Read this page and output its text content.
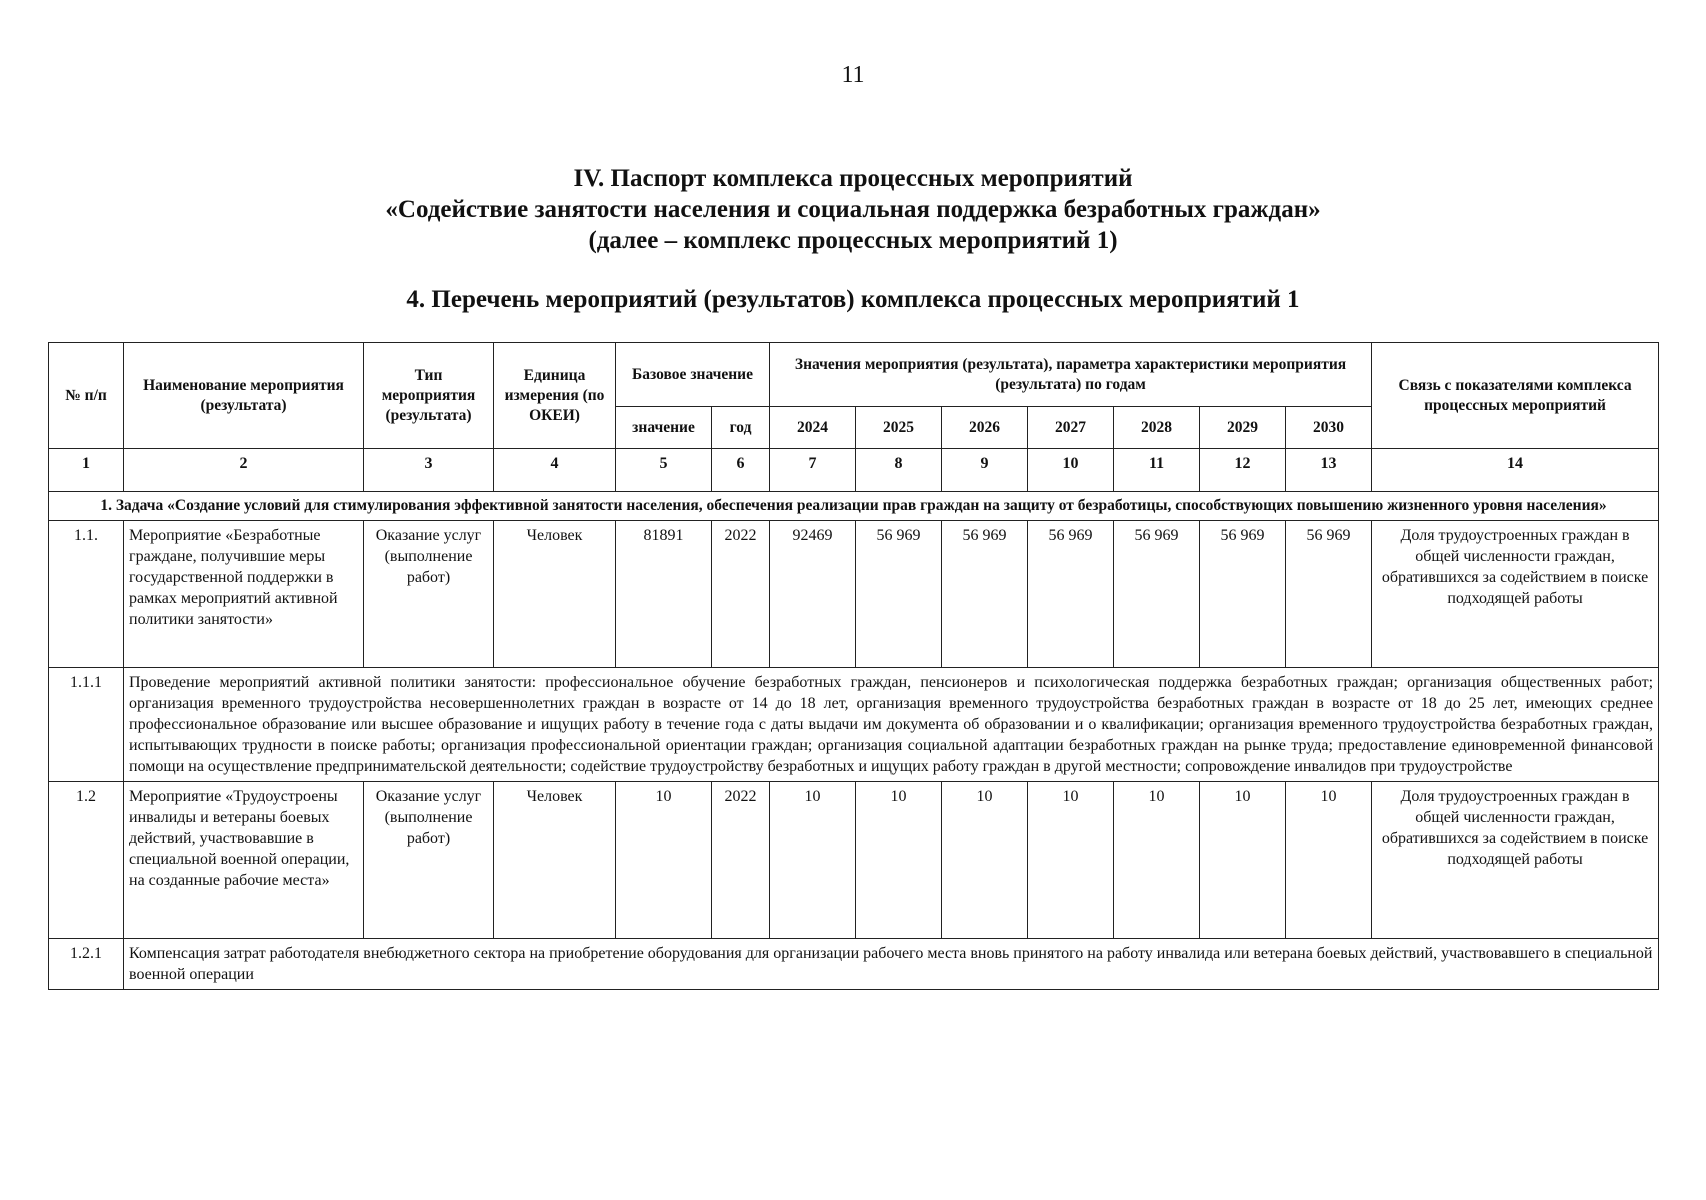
11
IV. Паспорт комплекса процессных мероприятий
«Содействие занятости населения и социальная поддержка безработных граждан»
(далее – комплекс процессных мероприятий 1)
4. Перечень мероприятий (результатов) комплекса процессных мероприятий 1
№ п/п	Наименование мероприятия (результата)	Тип мероприятия (результата)	Единица измерения (по ОКЕИ)	Базовое значение		Значения мероприятия (результата), параметра характеристики мероприятия (результата) по годам							Связь с показателями комплекса процессных мероприятий
				значение	год	2024	2025	2026	2027	2028	2029	2030	
1	2	3	4	5	6	7	8	9	10	11	12	13	14
1. Задача «Создание условий для стимулирования эффективной занятости населения, обеспечения реализации прав граждан на защиту от безработицы, способствующих повышению жизненного уровня населения»													
1.1.	Мероприятие «Безработные граждане, получившие меры государственной поддержки в рамках мероприятий активной политики занятости»	Оказание услуг (выполнение работ)	Человек	81891	2022	92469	56 969	56 969	56 969	56 969	56 969	56 969	Доля трудоустроенных граждан в общей численности граждан, обратившихся за содействием в поиске подходящей работы
1.1.1	Проведение мероприятий активной политики занятости: профессиональное обучение безработных граждан, пенсионеров и психологическая поддержка безработных граждан; организация общественных работ; организация временного трудоустройства несовершеннолетних граждан в возрасте от 14 до 18 лет, организация временного трудоустройства безработных граждан в возрасте от 18 до 25 лет, имеющих среднее профессиональное образование или высшее образование и ищущих работу в течение года с даты выдачи им документа об образовании и о квалификации; организация временного трудоустройства безработных граждан, испытывающих трудности в поиске работы; организация профессиональной ориентации граждан; организация социальной адаптации безработных граждан на рынке труда; предоставление единовременной финансовой помощи на осуществление предпринимательской деятельности; содействие трудоустройству безработных и ищущих работу граждан в другой местности; сопровождение инвалидов при трудоустройстве												
1.2	Мероприятие «Трудоустроены инвалиды и ветераны боевых действий, участвовавшие в специальной военной операции, на созданные рабочие места»	Оказание услуг (выполнение работ)	Человек	10	2022	10	10	10	10	10	10	10	Доля трудоустроенных граждан в общей численности граждан, обратившихся за содействием в поиске подходящей работы
1.2.1	Компенсация затрат работодателя внебюджетного сектора на приобретение оборудования для организации рабочего места вновь принятого на работу инвалида или ветерана боевых действий, участвовавшего в специальной военной операции												
